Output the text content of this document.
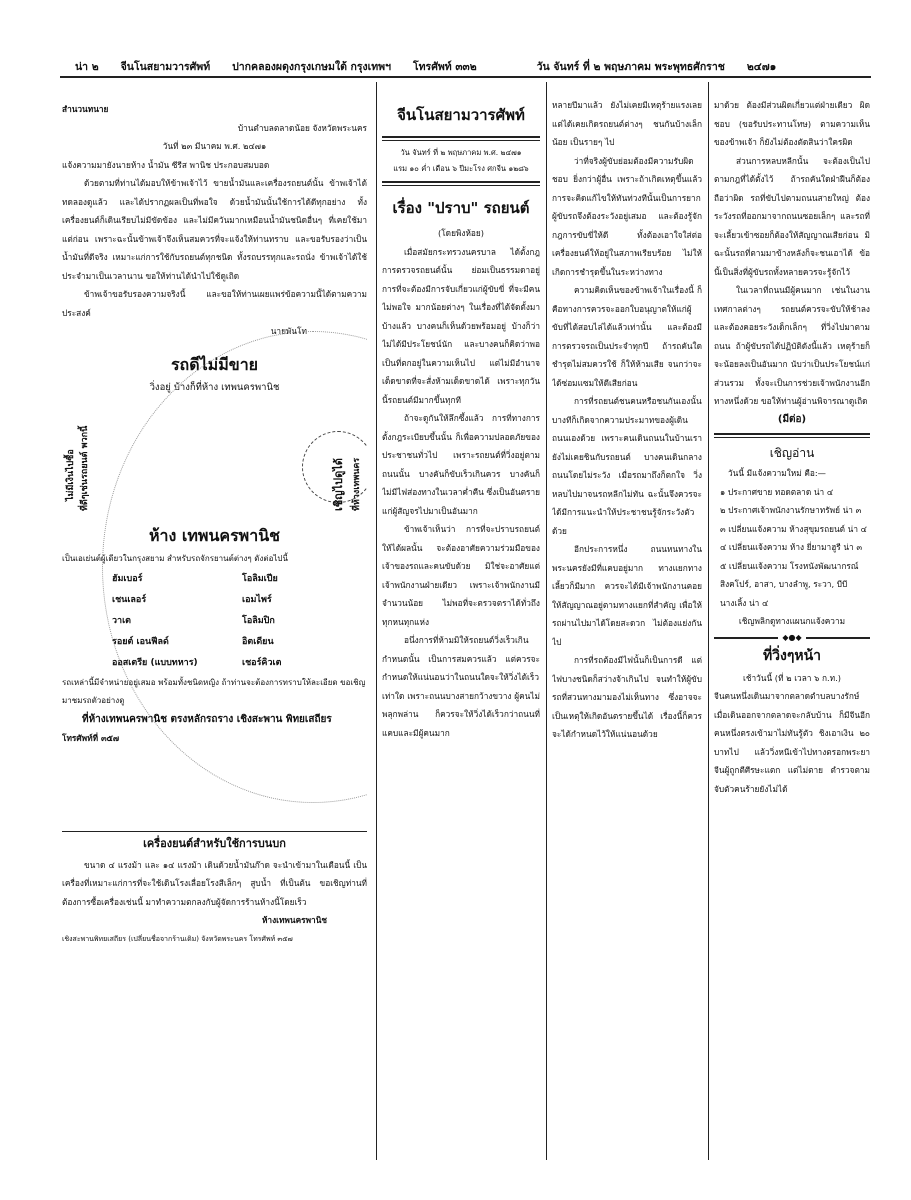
น่า ๒ จีนโนสยามวารศัพท์ ปากคลองผดุงกรุงเกษมใต้ กรุงเทพฯ โทรศัพท์ ๓๓๒	วัน จันทร์ ที่ ๒ พฤษภาคม พระพุทธศักราช ๒๔๗๑
สำนวนทนาย
บ้านตำบลตลาดน้อย จังหวัดพระนคร
วันที่ ๒๓ มีนาคม พ.ศ. ๒๔๗๑

แจ้งความมายังนายห้าง น้ำมัน ซีรีส พานิช ประกอบสมบอด

ด้วยตามที่ท่านได้มอบให้ข้าพเจ้าไว้ ขายน้ำมันและเครื่องรถยนต์นั้น ข้าพเจ้าได้ทดลองดูแล้ว และได้ปรากฏผลเป็นที่พอใจ ด้วยน้ำมันนั้นใช้การได้ดีทุกอย่าง ทั้งเครื่องยนต์ก็เดินเรียบไม่มีขัดข้อง และไม่มีควันมากเหมือนน้ำมันชนิดอื่นๆ ที่เคยใช้มาแต่ก่อน เพราะฉะนั้นข้าพเจ้าจึงเห็นสมควรที่จะแจ้งให้ท่านทราบ และขอรับรองว่าเป็นน้ำมันที่ดีจริง เหมาะแก่การใช้กับรถยนต์ทุกชนิด ทั้งรถบรรทุกและรถนั่ง ข้าพเจ้าได้ใช้ประจำมาเป็นเวลานาน ขอให้ท่านได้นำไปใช้ดูเถิด

ข้าพเจ้าขอรับรองความจริงนี้ และขอให้ท่านเผยแพร่ข้อความนี้ได้ตามความประสงค์

นายพันโท
รถดีไม่มีขาย
วิ่งอยู่ บ้างก็ที่ห้าง เทพนครพานิช
ไม่มีเงินไปซื้อ ที่ดีๆเช่นรถยนต์ พวกนี้	เชิญไปดูได้ ที่ห้างเทพนคร
ห้าง เทพนครพานิช
เป็นเอเย่นต์ผู้เดียวในกรุงสยาม สำหรับรถจักรยานต์ต่างๆ ดังต่อไปนี้
ฮัมเบอร์	โอลิมเปีย
เชนเลอร์	เอมไพร์
วาเต	โอลิมปิก
รอยต์ เอนฟีลด์	อิตเดียน
ออสเตรีย (แบบทหาร)	เชอร์คิวเต
รถเหล่านี้มีจำหน่ายอยู่เสมอ พร้อมทั้งชนิดหญิง ถ้าท่านจะต้องการทราบให้ละเอียด ขอเชิญมาชมรถตัวอย่างดู
ที่ห้างเทพนครพานิช ตรงหลักรถราง เชิงสะพาน พิทยเสถียร
โทรศัพท์ที่ ๓๕๗
เครื่องยนต์สำหรับใช้การบนบก

ขนาด ๔ แรงม้า และ ๑๔ แรงม้า เดินด้วยน้ำมันก๊าด จะนำเข้ามาในเดือนนี้ เป็นเครื่องที่เหมาะแก่การที่จะใช้เดินโรงเลื่อยโรงสีเล็กๆ สูบน้ำ ที่เป็นต้น ขอเชิญท่านที่ต้องการซื้อเครื่องเช่นนี้ มาทำความตกลงกับผู้จัดการร้านห้างนี้โดยเร็ว

ห้างเทพนครพานิช
เชิงสะพานพิทยเสถียร (เปลี่ยนชื่อจากร้านเดิม) จังหวัดพระนคร โทรศัพท์ ๓๕๗
จีนโนสยามวารศัพท์
วัน จันทร์ ที่ ๒ พฤษภาคม พ.ศ. ๒๔๗๑
แรม ๑๐ ค่ำ เดือน ๖ ปีมะโรง ศกจีน ๑๒๘๖
เรื่อง "ปราบ" รถยนต์
(โดยพิงห้อย)

เมื่อสมัยกระทรวงนครบาล ได้ตั้งกฎการตรวจรถยนต์นั้น ย่อมเป็นธรรมดาอยู่ การที่จะต้องมีการจับเกี่ยวแก่ผู้ขับขี่ ที่จะมีคนไม่พอใจ มากน้อยต่างๆ ในเรื่องที่ได้จัดตั้งมาบ้างแล้ว บางคนก็เห็นด้วยพร้อมอยู่ บ้างก็ว่าไม่ได้มีประโยชน์นัก และบางคนก็คิดว่าพอเป็นที่ตกอยู่ในความเห็นไป แต่ไม่มีอำนาจเด็ดขาดที่จะสั่งห้ามเด็ดขาดได้ เพราะทุกวันนี้รถยนต์มีมากขึ้นทุกที

ถ้าจะดูกันให้ลึกซึ้งแล้ว การที่ทางการตั้งกฎระเบียบขึ้นนั้น ก็เพื่อความปลอดภัยของประชาชนทั่วไป เพราะรถยนต์ที่วิ่งอยู่ตามถนนนั้น บางคันก็ขับเร็วเกินควร บางคันก็ไม่มีไฟส่องทางในเวลาค่ำคืน ซึ่งเป็นอันตรายแก่ผู้สัญจรไปมาเป็นอันมาก

ข้าพเจ้าเห็นว่า การที่จะปราบรถยนต์ให้ได้ผลนั้น จะต้องอาศัยความร่วมมือของเจ้าของรถและคนขับด้วย มิใช่จะอาศัยแต่เจ้าพนักงานฝ่ายเดียว เพราะเจ้าพนักงานมีจำนวนน้อย ไม่พอที่จะตรวจตราได้ทั่วถึงทุกหนทุกแห่ง

อนึ่งการที่ห้ามมิให้รถยนต์วิ่งเร็วเกินกำหนดนั้น เป็นการสมควรแล้ว แต่ควรจะกำหนดให้แน่นอนว่าในถนนใดจะให้วิ่งได้เร็วเท่าใด เพราะถนนบางสายกว้างขวาง ผู้คนไม่พลุกพล่าน ก็ควรจะให้วิ่งได้เร็วกว่าถนนที่แคบและมีผู้คนมาก

หลายปีมาแล้ว ยังไม่เคยมีเหตุร้ายแรงเลย แต่ได้เคยเกิดรถยนต์ต่างๆ ชนกันบ้างเล็กน้อย เป็นรายๆ ไป

ว่าที่จริงผู้ขับย่อมต้องมีความรับผิดชอบ ยิ่งกว่าผู้อื่น เพราะถ้าเกิดเหตุขึ้นแล้ว การจะคิดแก้ไขให้ทันท่วงทีนั้นเป็นการยาก ผู้ขับรถจึงต้องระวังอยู่เสมอ และต้องรู้จักกฎการขับขี่ให้ดี ทั้งต้องเอาใจใส่ต่อเครื่องยนต์ให้อยู่ในสภาพเรียบร้อย ไม่ให้เกิดการชำรุดขึ้นในระหว่างทาง

ความคิดเห็นของข้าพเจ้าในเรื่องนี้ ก็คือทางการควรจะออกใบอนุญาตให้แก่ผู้ขับที่ได้สอบไล่ได้แล้วเท่านั้น และต้องมีการตรวจรถเป็นประจำทุกปี ถ้ารถคันใดชำรุดไม่สมควรใช้ ก็ให้ห้ามเสีย จนกว่าจะได้ซ่อมแซมให้ดีเสียก่อน

การที่รถยนต์ชนคนหรือชนกันเองนั้น บางทีก็เกิดจากความประมาทของผู้เดินถนนเองด้วย เพราะคนเดินถนนในบ้านเรายังไม่เคยชินกับรถยนต์ บางคนเดินกลางถนนโดยไม่ระวัง เมื่อรถมาถึงก็ตกใจ วิ่งหลบไปมาจนรถหลีกไม่ทัน ฉะนั้นจึงควรจะได้มีการแนะนำให้ประชาชนรู้จักระวังตัวด้วย

อีกประการหนึ่ง ถนนหนทางในพระนครยังมีที่แคบอยู่มาก ทางแยกทางเลี้ยวก็มีมาก ควรจะได้มีเจ้าพนักงานคอยให้สัญญาณอยู่ตามทางแยกที่สำคัญ เพื่อให้รถผ่านไปมาได้โดยสะดวก ไม่ต้องแย่งกันไป

การที่รถต้องมีไฟนั้นก็เป็นการดี แต่ไฟบางชนิดก็สว่างจ้าเกินไป จนทำให้ผู้ขับรถที่สวนทางมามองไม่เห็นทาง ซึ่งอาจจะเป็นเหตุให้เกิดอันตรายขึ้นได้ เรื่องนี้ก็ควรจะได้กำหนดไว้ให้แน่นอนด้วย

มาด้วย ต้องมีส่วนผิดเกี่ยวแต่ฝ่ายเดียว ผิดชอบ (ขอรับประทานโทษ) ตามความเห็นของข้าพเจ้า ก็ยังไม่ต้องตัดสินว่าใครผิด

ส่วนการหลบหลีกนั้น จะต้องเป็นไปตามกฎที่ได้ตั้งไว้ ถ้ารถคันใดฝ่าฝืนก็ต้องถือว่าผิด รถที่ขับไปตามถนนสายใหญ่ ต้องระวังรถที่ออกมาจากถนนซอยเล็กๆ และรถที่จะเลี้ยวเข้าซอยก็ต้องให้สัญญาณเสียก่อน มิฉะนั้นรถที่ตามมาข้างหลังก็จะชนเอาได้ ข้อนี้เป็นสิ่งที่ผู้ขับรถทั้งหลายควรจะรู้จักไว้

ในเวลาที่ถนนมีผู้คนมาก เช่นในงานเทศกาลต่างๆ รถยนต์ควรจะขับให้ช้าลง และต้องคอยระวังเด็กเล็กๆ ที่วิ่งไปมาตามถนน ถ้าผู้ขับรถได้ปฏิบัติดังนี้แล้ว เหตุร้ายก็จะน้อยลงเป็นอันมาก นับว่าเป็นประโยชน์แก่ส่วนรวม ทั้งจะเป็นการช่วยเจ้าพนักงานอีกทางหนึ่งด้วย ขอให้ท่านผู้อ่านพิจารณาดูเถิด

(มีต่อ)
เชิญอ่าน
วันนี้ มีแจ้งความใหม่ คือ:—
๑ ประกาศขาย ทอดตลาด น่า ๔
๒ ประกาศเจ้าพนักงานรักษาทรัพย์ น่า ๓
๓ เปลี่ยนแจ้งความ ห้างสุขุมรถยนต์ น่า ๔
๔ เปลี่ยนแจ้งความ ห้าง ยี่ยามาฮูรี น่า ๓
๕ เปลี่ยนแจ้งความ โรงหนังพัฒนากรณ์ สิงคโปร์, อาสา, บางลำพู, ระวา, บีบี นางเลิ้ง น่า ๔
เชิญพลิกดูทางแผนกแจ้งความ
◆●◆
ที่วิ่งๆหน้า
เช้าวันนี้ (ที่ ๒ เวลา ๖ ก.ท.)

จีนคนหนึ่งเดินมาจากตลาดตำบลบางรักษ์ เมื่อเดินออกจากตลาดจะกลับบ้าน ก็มีจีนอีกคนหนึ่งตรงเข้ามาไม่ทันรู้ตัว ชิงเอาเงิน ๒๐ บาทไป แล้ววิ่งหนีเข้าไปทางตรอกพระยา จีนผู้ถูกตีศีรษะแตก แต่ไม่ตาย ตำรวจตามจับตัวคนร้ายยังไม่ได้
